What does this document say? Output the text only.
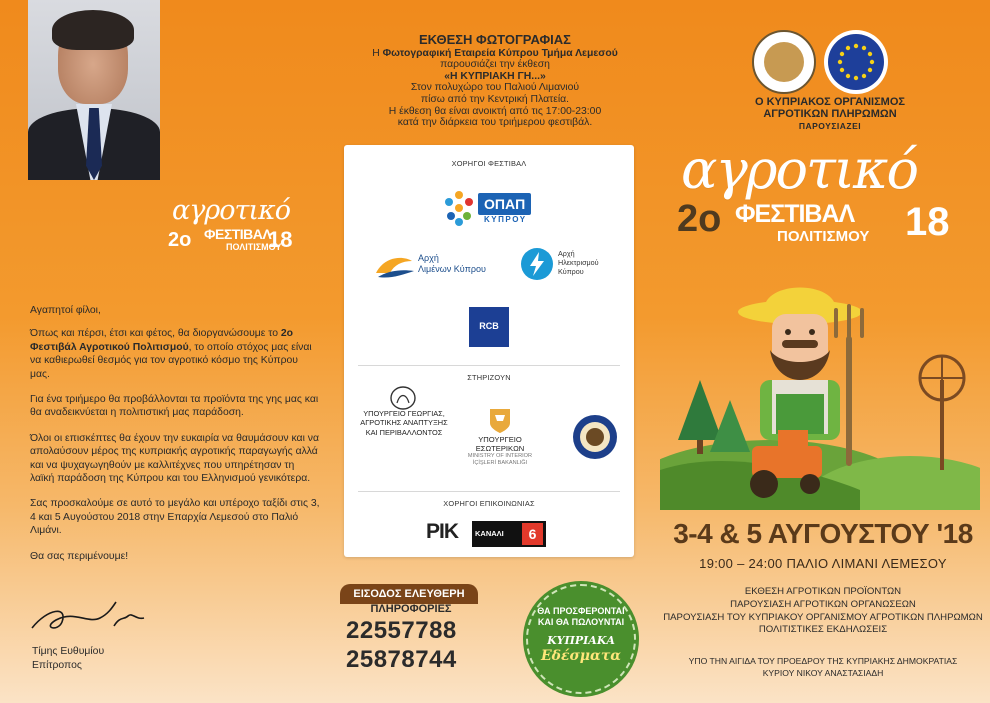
αγροτικό
2ο ΦΕΣΤΙΒΑΛ
ΠΟΛΙΤΙΣΜΟΥ
18

Αγαπητοί φίλοι,

Όπως και πέρσι, έτσι και φέτος, θα διοργανώσουμε το 2ο Φεστιβάλ Αγροτικού Πολιτισμού, το οποίο στόχος μας είναι να καθιερωθεί θεσμός για τον αγροτικό κόσμο της Κύπρου μας.

Για ένα τριήμερο θα προβάλλονται τα προϊόντα της γης μας και θα αναδεικνύεται η πολιτιστική μας παράδοση.

Όλοι οι επισκέπτες θα έχουν την ευκαιρία να θαυμάσουν και να απολαύσουν μέρος της κυπριακής αγροτικής παραγωγής αλλά και να ψυχαγωγηθούν με καλλιτέχνες που υπηρέτησαν τη λαϊκή παράδοση της Κύπρου και του Ελληνισμού γενικότερα.

Σας προσκαλούμε σε αυτό το μεγάλο και υπέροχο ταξίδι στις 3, 4 και 5 Αυγούστου 2018 στην Επαρχία Λεμεσού στο Παλιό Λιμάνι.

Θα σας περιμένουμε!

Τίμης Ευθυμίου
Επίτροπος
ΕΚΘΕΣΗ ΦΩΤΟΓΡΑΦΙΑΣ
Η Φωτογραφική Εταιρεία Κύπρου Τμήμα Λεμεσού
παρουσιάζει την έκθεση
«Η ΚΥΠΡΙΑΚΗ ΓΗ...»
Στον πολυχώρο του Παλιού Λιμανιού
πίσω από την Κεντρική Πλατεία.
Η έκθεση θα είναι ανοικτή από τις 17:00-23:00
κατά την διάρκεια του τριήμερου φεστιβάλ.
ΧΟΡΗΓΟΙ ΦΕΣΤΙΒΑΛ
ΟΠΑΠ
ΚΥΠΡΟΥ
Αρχή
Λιμένων Κύπρου
Αρχή
Ηλεκτρισμού
Κύπρου
RCB
ΣΤΗΡΙΖΟΥΝ
ΥΠΟΥΡΓΕΙΟ ΓΕΩΡΓΙΑΣ,
ΑΓΡΟΤΙΚΗΣ ΑΝΑΠΤΥΞΗΣ
ΚΑΙ ΠΕΡΙΒΑΛΛΟΝΤΟΣ
ΥΠΟΥΡΓΕΙΟ
ΕΣΩΤΕΡΙΚΩΝ
MINISTRY OF INTERIOR
İÇİŞLERİ BAKANLIĞI
ΧΟΡΗΓΟΙ ΕΠΙΚΟΙΝΩΝΙΑΣ
ΡΙΚ ΚΑΝΑΛΙ	6
ΕΙΣΟΔΟΣ ΕΛΕΥΘΕΡΗ
ΠΛΗΡΟΦΟΡΙΕΣ
22557788
25878744
ΘΑ ΠΡΟΣΦΕΡΟΝΤΑΙ
ΚΑΙ ΘΑ ΠΩΛΟΥΝΤΑΙ
ΚΥΠΡΙΑΚΑ
Εδέσματα
Ο ΚΥΠΡΙΑΚΟΣ ΟΡΓΑΝΙΣΜΟΣ
ΑΓΡΟΤΙΚΩΝ ΠΛΗΡΩΜΩΝ
ΠΑΡΟΥΣΙΑΖΕΙ
αγροτικό
2ο ΦΕΣΤΙΒΑΛ
ΠΟΛΙΤΙΣΜΟΥ 18
3-4 & 5 ΑΥΓΟΥΣΤΟΥ '18
19:00 – 24:00 ΠΑΛΙΟ ΛΙΜΑΝΙ ΛΕΜΕΣΟΥ
ΕΚΘΕΣΗ ΑΓΡΟΤΙΚΩΝ ΠΡΟΪΟΝΤΩΝ
ΠΑΡΟΥΣΙΑΣΗ ΑΓΡΟΤΙΚΩΝ ΟΡΓΑΝΩΣΕΩΝ
ΠΑΡΟΥΣΙΑΣΗ ΤΟΥ ΚΥΠΡΙΑΚΟΥ ΟΡΓΑΝΙΣΜΟΥ ΑΓΡΟΤΙΚΩΝ ΠΛΗΡΩΜΩΝ
ΠΟΛΙΤΙΣΤΙΚΕΣ ΕΚΔΗΛΩΣΕΙΣ
ΥΠΟ ΤΗΝ ΑΙΓΙΔΑ ΤΟΥ ΠΡΟΕΔΡΟΥ ΤΗΣ ΚΥΠΡΙΑΚΗΣ ΔΗΜΟΚΡΑΤΙΑΣ
ΚΥΡΙΟΥ ΝΙΚΟΥ ΑΝΑΣΤΑΣΙΑΔΗ
